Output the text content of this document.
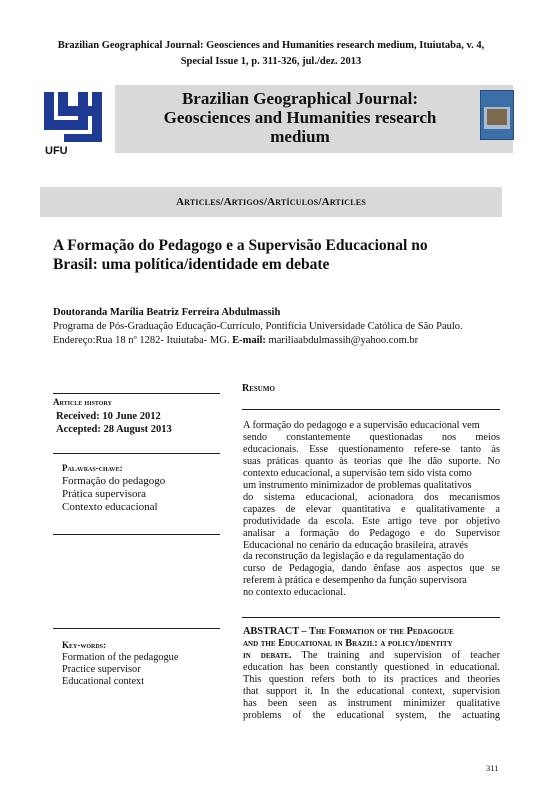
Brazilian Geographical Journal: Geosciences and Humanities research medium, Ituiutaba, v. 4,
Special Issue 1, p. 311-326, jul./dez. 2013
UFU
Brazilian Geographical Journal:
Geosciences and Humanities research
medium
Articles/Artigos/Artículos/Articles
A Formação do Pedagogo e a Supervisão Educacional no
Brasil: uma política/identidade em debate
Doutoranda Marília Beatriz Ferreira Abdulmassih
Programa de Pós-Graduação Educação-Currículo, Pontifícia Universidade Católica de São Paulo.
Endereço:Rua 18 nº 1282- Ituiutaba- MG. E-mail: mariliaabdulmassih@yahoo.com.br
Article history
Received: 10 June 2012
Accepted: 28 August 2013
Palavras-chave:
Formação do pedagogo
Prática supervisora
Contexto educacional
Resumo
A formação do pedagogo e a supervisão educacional vem
sendo constantemente questionadas nos meios
educacionais. Esse questionamento refere-se tanto às
suas práticas quanto às teorias que lhe dão suporte. No
contexto educacional, a supervisão tem sido vista como
um instrumento minimizador de problemas qualitativos
do sistema educacional, acionadora dos mecanismos
capazes de elevar quantitativa e qualitativamente a
produtividade da escola. Este artigo teve por objetivo
analisar a formação do Pedagogo e do Supervisor
Educacional no cenário da educação brasileira, através
da reconstrução da legislação e da regulamentação do
curso de Pedagogia, dando ênfase aos aspectos que se
referem à prática e desempenho da função supervisora
no contexto educacional.
Key-words:
Formation of the pedagogue
Practice supervisor
Educational context
ABSTRACT – The Formation of the Pedagogue
and the Educational in Brazil: a policy/identity
in debate. The training and supervision of teacher
education has been constantly questioned in educational.
This question refers both to its practices and theories
that support it. In the educational context, supervision
has been seen as instrument minimizer qualitative
problems of the educational system, the actuating
311
